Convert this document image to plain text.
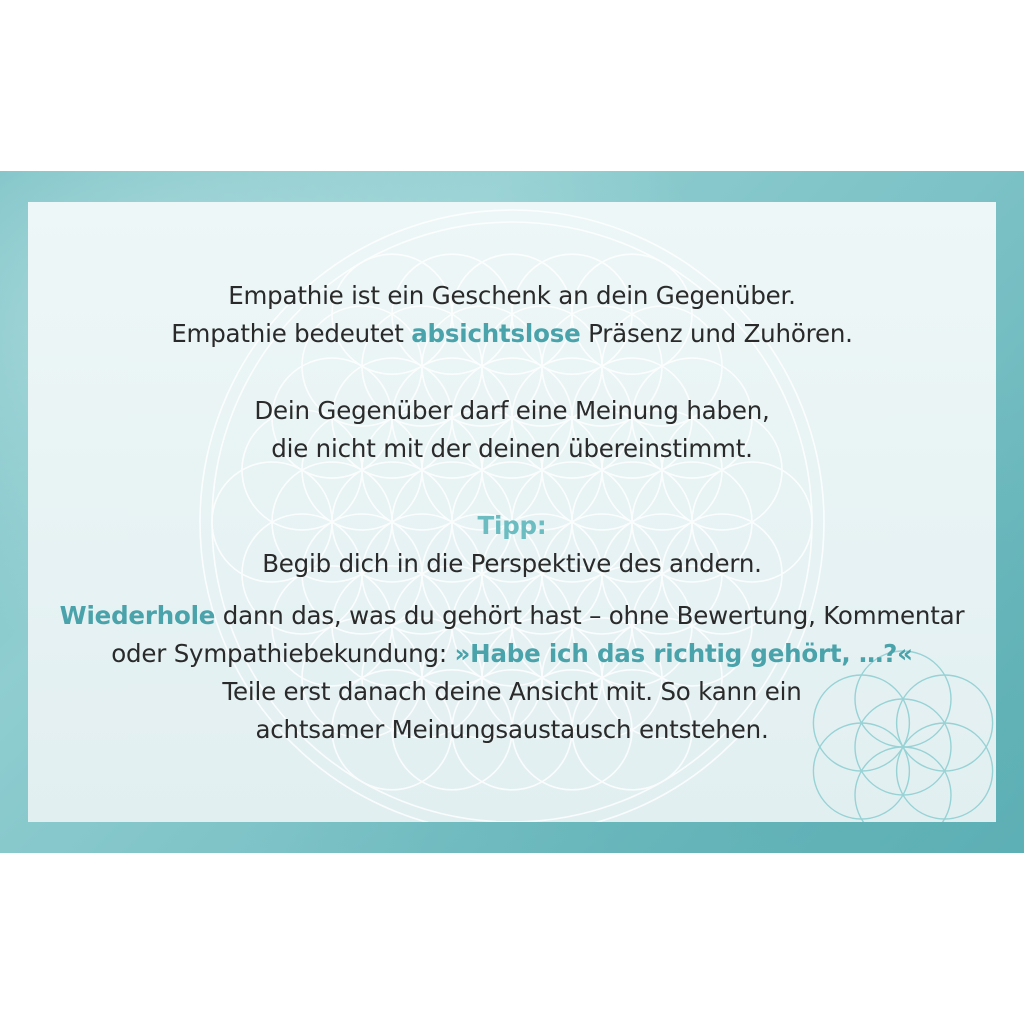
Empathie ist ein Geschenk an dein Gegenüber.
Empathie bedeutet absichtslose Präsenz und Zuhören.
Dein Gegenüber darf eine Meinung haben,
die nicht mit der deinen übereinstimmt.
Tipp:
Begib dich in die Perspektive des andern.
Wiederhole dann das, was du gehört hast – ohne Bewertung, Kommentar
oder Sympathiebekundung: »Habe ich das richtig gehört, …?«
Teile erst danach deine Ansicht mit. So kann ein
achtsamer Meinungsaustausch entstehen.
